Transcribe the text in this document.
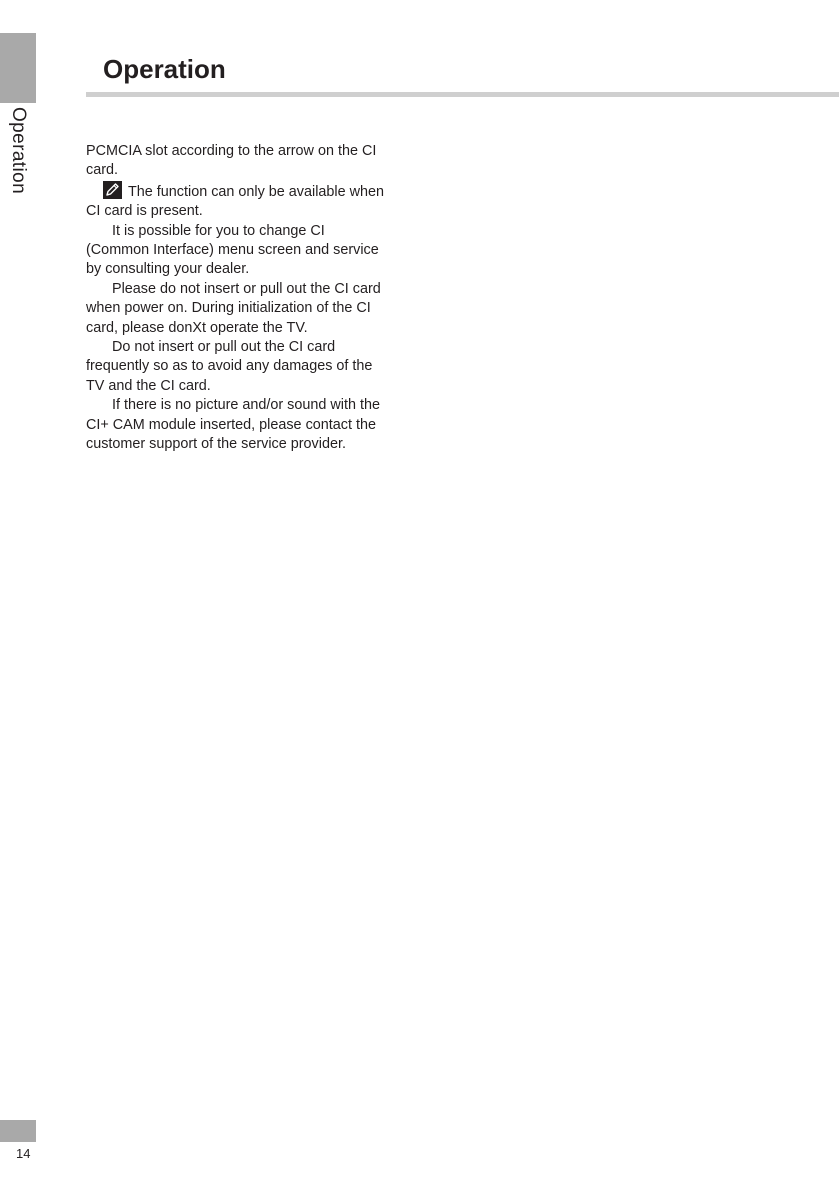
Operation
Operation

PCMCIA slot according to the arrow on the CI

card.

The function can only be available when

CI card is present.

It is possible for you to change CI

(Common Interface) menu screen and service

by consulting your dealer.

Please do not insert or pull out the CI card

when power on. During initialization of the CI

card, please donXt operate the TV.

Do not insert or pull out the CI card

frequently so as to avoid any damages of the

TV and the CI card.

If there is no picture and/or sound with the

CI+ CAM module inserted, please contact the

customer support of the service provider.

14
